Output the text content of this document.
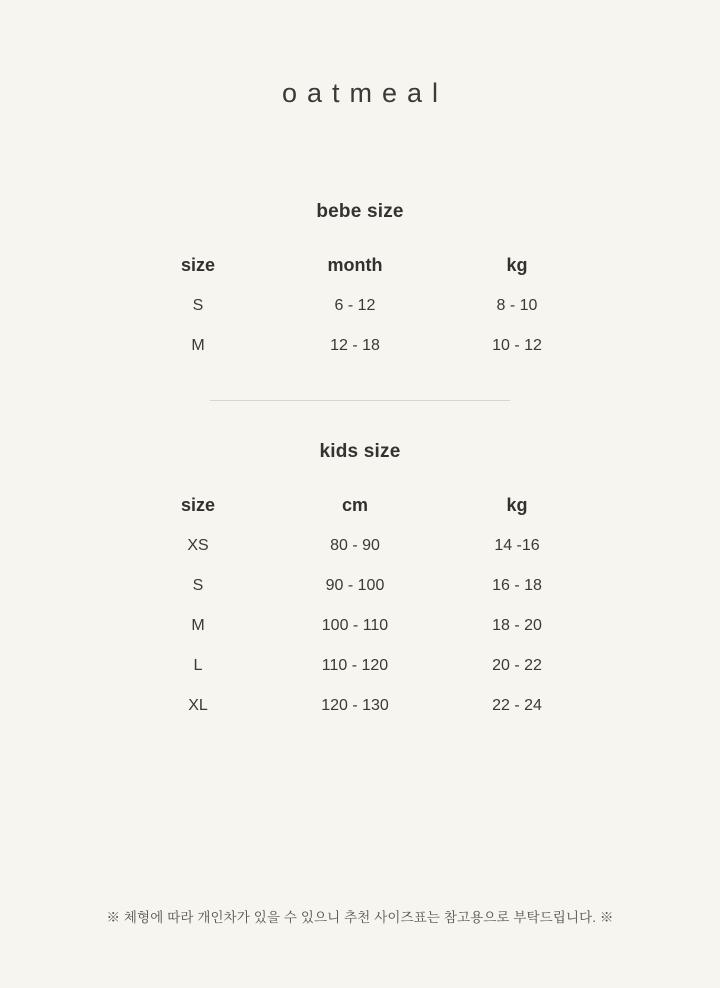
oatmeal
bebe size
size	month	kg
S	6 - 12	8 - 10
M	12 - 18	10 - 12
kids size
size	cm	kg
XS	80 - 90	14 -16
S	90 - 100	16 - 18
M	100 - 110	18 - 20
L	110 - 120	20 - 22
XL	120 - 130	22 - 24
※ 체형에 따라 개인차가 있을 수 있으니 추천 사이즈표는 참고용으로 부탁드립니다. ※
